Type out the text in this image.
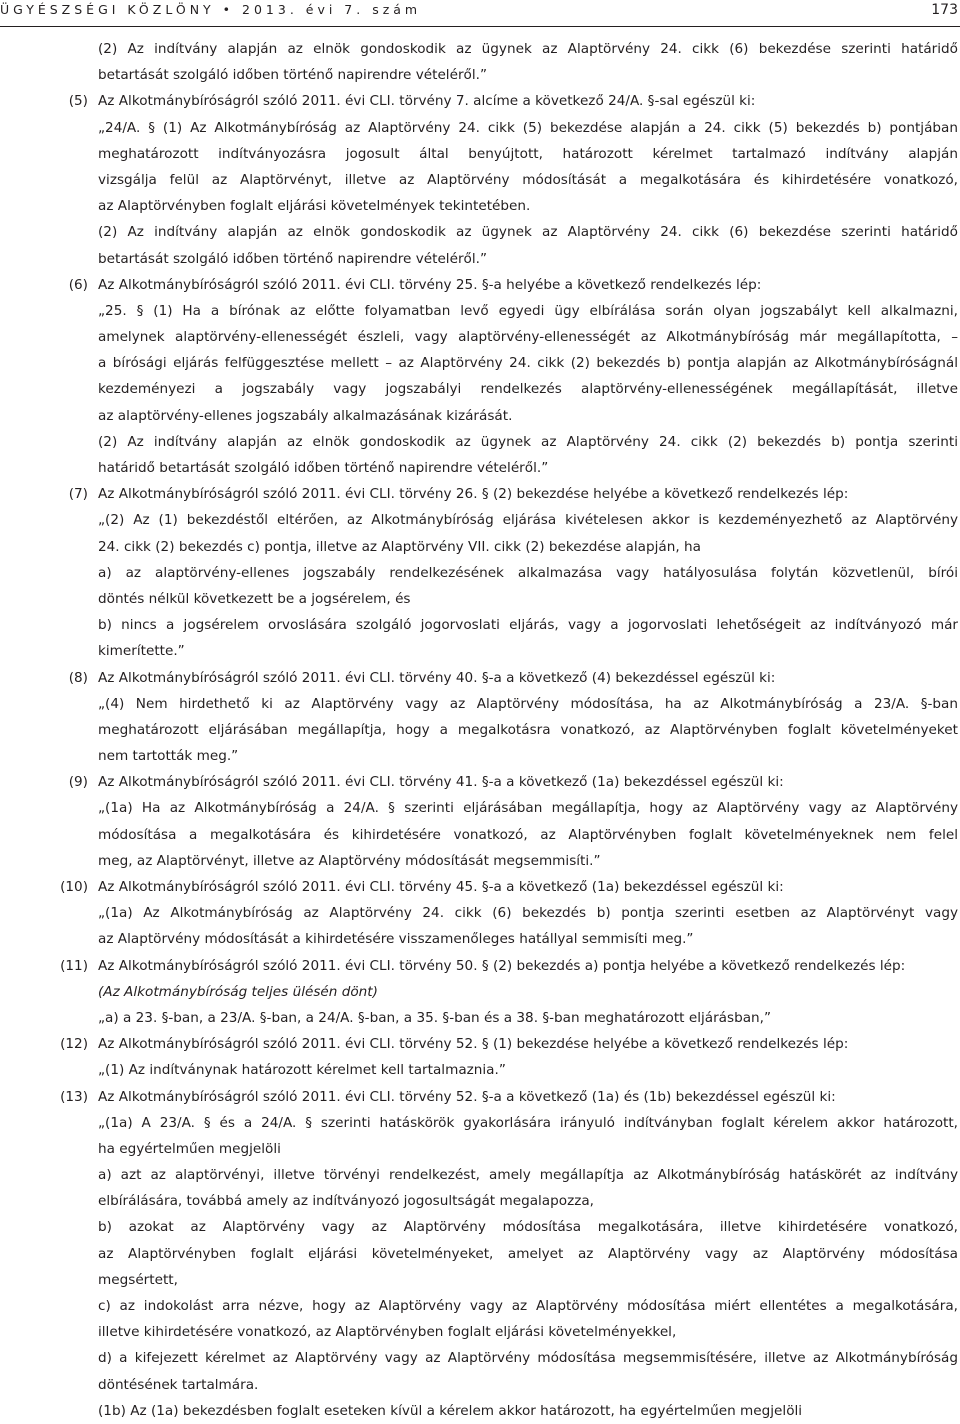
ÜGYÉSZSÉGI KÖZLÖNY • 2013. évi 7. szám	173
(2) Az indítvány alapján az elnök gondoskodik az ügynek az Alaptörvény 24. cikk (6) bekezdése szerinti határidő
betartását szolgáló időben történő napirendre vételéről.”
(5) Az Alkotmánybíróságról szóló 2011. évi CLI. törvény 7. alcíme a következő 24/A. §-sal egészül ki:
„24/A. § (1) Az Alkotmánybíróság az Alaptörvény 24. cikk (5) bekezdése alapján a 24. cikk (5) bekezdés b) pontjában
meghatározott indítványozásra jogosult által benyújtott, határozott kérelmet tartalmazó indítvány alapján
vizsgálja felül az Alaptörvényt, illetve az Alaptörvény módosítását a megalkotására és kihirdetésére vonatkozó,
az Alaptörvényben foglalt eljárási követelmények tekintetében.
(2) Az indítvány alapján az elnök gondoskodik az ügynek az Alaptörvény 24. cikk (6) bekezdése szerinti határidő
betartását szolgáló időben történő napirendre vételéről.”
(6) Az Alkotmánybíróságról szóló 2011. évi CLI. törvény 25. §-a helyébe a következő rendelkezés lép:
„25. § (1) Ha a bírónak az előtte folyamatban levő egyedi ügy elbírálása során olyan jogszabályt kell alkalmazni,
amelynek alaptörvény-ellenességét észleli, vagy alaptörvény-ellenességét az Alkotmánybíróság már megállapította, –
a bírósági eljárás felfüggesztése mellett – az Alaptörvény 24. cikk (2) bekezdés b) pontja alapján az Alkotmánybíróságnál
kezdeményezi a jogszabály vagy jogszabályi rendelkezés alaptörvény-ellenességének megállapítását, illetve
az alaptörvény-ellenes jogszabály alkalmazásának kizárását.
(2) Az indítvány alapján az elnök gondoskodik az ügynek az Alaptörvény 24. cikk (2) bekezdés b) pontja szerinti
határidő betartását szolgáló időben történő napirendre vételéről.”
(7) Az Alkotmánybíróságról szóló 2011. évi CLI. törvény 26. § (2) bekezdése helyébe a következő rendelkezés lép:
„(2) Az (1) bekezdéstől eltérően, az Alkotmánybíróság eljárása kivételesen akkor is kezdeményezhető az Alaptörvény
24. cikk (2) bekezdés c) pontja, illetve az Alaptörvény VII. cikk (2) bekezdése alapján, ha
a) az alaptörvény-ellenes jogszabály rendelkezésének alkalmazása vagy hatályosulása folytán közvetlenül, bírói
döntés nélkül következett be a jogsérelem, és
b) nincs a jogsérelem orvoslására szolgáló jogorvoslati eljárás, vagy a jogorvoslati lehetőségeit az indítványozó már
kimerítette.”
(8) Az Alkotmánybíróságról szóló 2011. évi CLI. törvény 40. §-a a következő (4) bekezdéssel egészül ki:
„(4) Nem hirdethető ki az Alaptörvény vagy az Alaptörvény módosítása, ha az Alkotmánybíróság a 23/A. §-ban
meghatározott eljárásában megállapítja, hogy a megalkotásra vonatkozó, az Alaptörvényben foglalt követelményeket
nem tartották meg.”
(9) Az Alkotmánybíróságról szóló 2011. évi CLI. törvény 41. §-a a következő (1a) bekezdéssel egészül ki:
„(1a) Ha az Alkotmánybíróság a 24/A. § szerinti eljárásában megállapítja, hogy az Alaptörvény vagy az Alaptörvény
módosítása a megalkotására és kihirdetésére vonatkozó, az Alaptörvényben foglalt követelményeknek nem felel
meg, az Alaptörvényt, illetve az Alaptörvény módosítását megsemmisíti.”
(10) Az Alkotmánybíróságról szóló 2011. évi CLI. törvény 45. §-a a következő (1a) bekezdéssel egészül ki:
„(1a) Az Alkotmánybíróság az Alaptörvény 24. cikk (6) bekezdés b) pontja szerinti esetben az Alaptörvényt vagy
az Alaptörvény módosítását a kihirdetésére visszamenőleges hatállyal semmisíti meg.”
(11) Az Alkotmánybíróságról szóló 2011. évi CLI. törvény 50. § (2) bekezdés a) pontja helyébe a következő rendelkezés lép:
(Az Alkotmánybíróság teljes ülésén dönt)
„a) a 23. §-ban, a 23/A. §-ban, a 24/A. §-ban, a 35. §-ban és a 38. §-ban meghatározott eljárásban,”
(12) Az Alkotmánybíróságról szóló 2011. évi CLI. törvény 52. § (1) bekezdése helyébe a következő rendelkezés lép:
„(1) Az indítványnak határozott kérelmet kell tartalmaznia.”
(13) Az Alkotmánybíróságról szóló 2011. évi CLI. törvény 52. §-a a következő (1a) és (1b) bekezdéssel egészül ki:
„(1a) A 23/A. § és a 24/A. § szerinti hatáskörök gyakorlására irányuló indítványban foglalt kérelem akkor határozott,
ha egyértelműen megjelöli
a) azt az alaptörvényi, illetve törvényi rendelkezést, amely megállapítja az Alkotmánybíróság hatáskörét az indítvány
elbírálására, továbbá amely az indítványozó jogosultságát megalapozza,
b) azokat az Alaptörvény vagy az Alaptörvény módosítása megalkotására, illetve kihirdetésére vonatkozó,
az Alaptörvényben foglalt eljárási követelményeket, amelyet az Alaptörvény vagy az Alaptörvény módosítása
megsértett,
c) az indokolást arra nézve, hogy az Alaptörvény vagy az Alaptörvény módosítása miért ellentétes a megalkotására,
illetve kihirdetésére vonatkozó, az Alaptörvényben foglalt eljárási követelményekkel,
d) a kifejezett kérelmet az Alaptörvény vagy az Alaptörvény módosítása megsemmisítésére, illetve az Alkotmánybíróság
döntésének tartalmára.
(1b) Az (1a) bekezdésben foglalt eseteken kívül a kérelem akkor határozott, ha egyértelműen megjelöli
